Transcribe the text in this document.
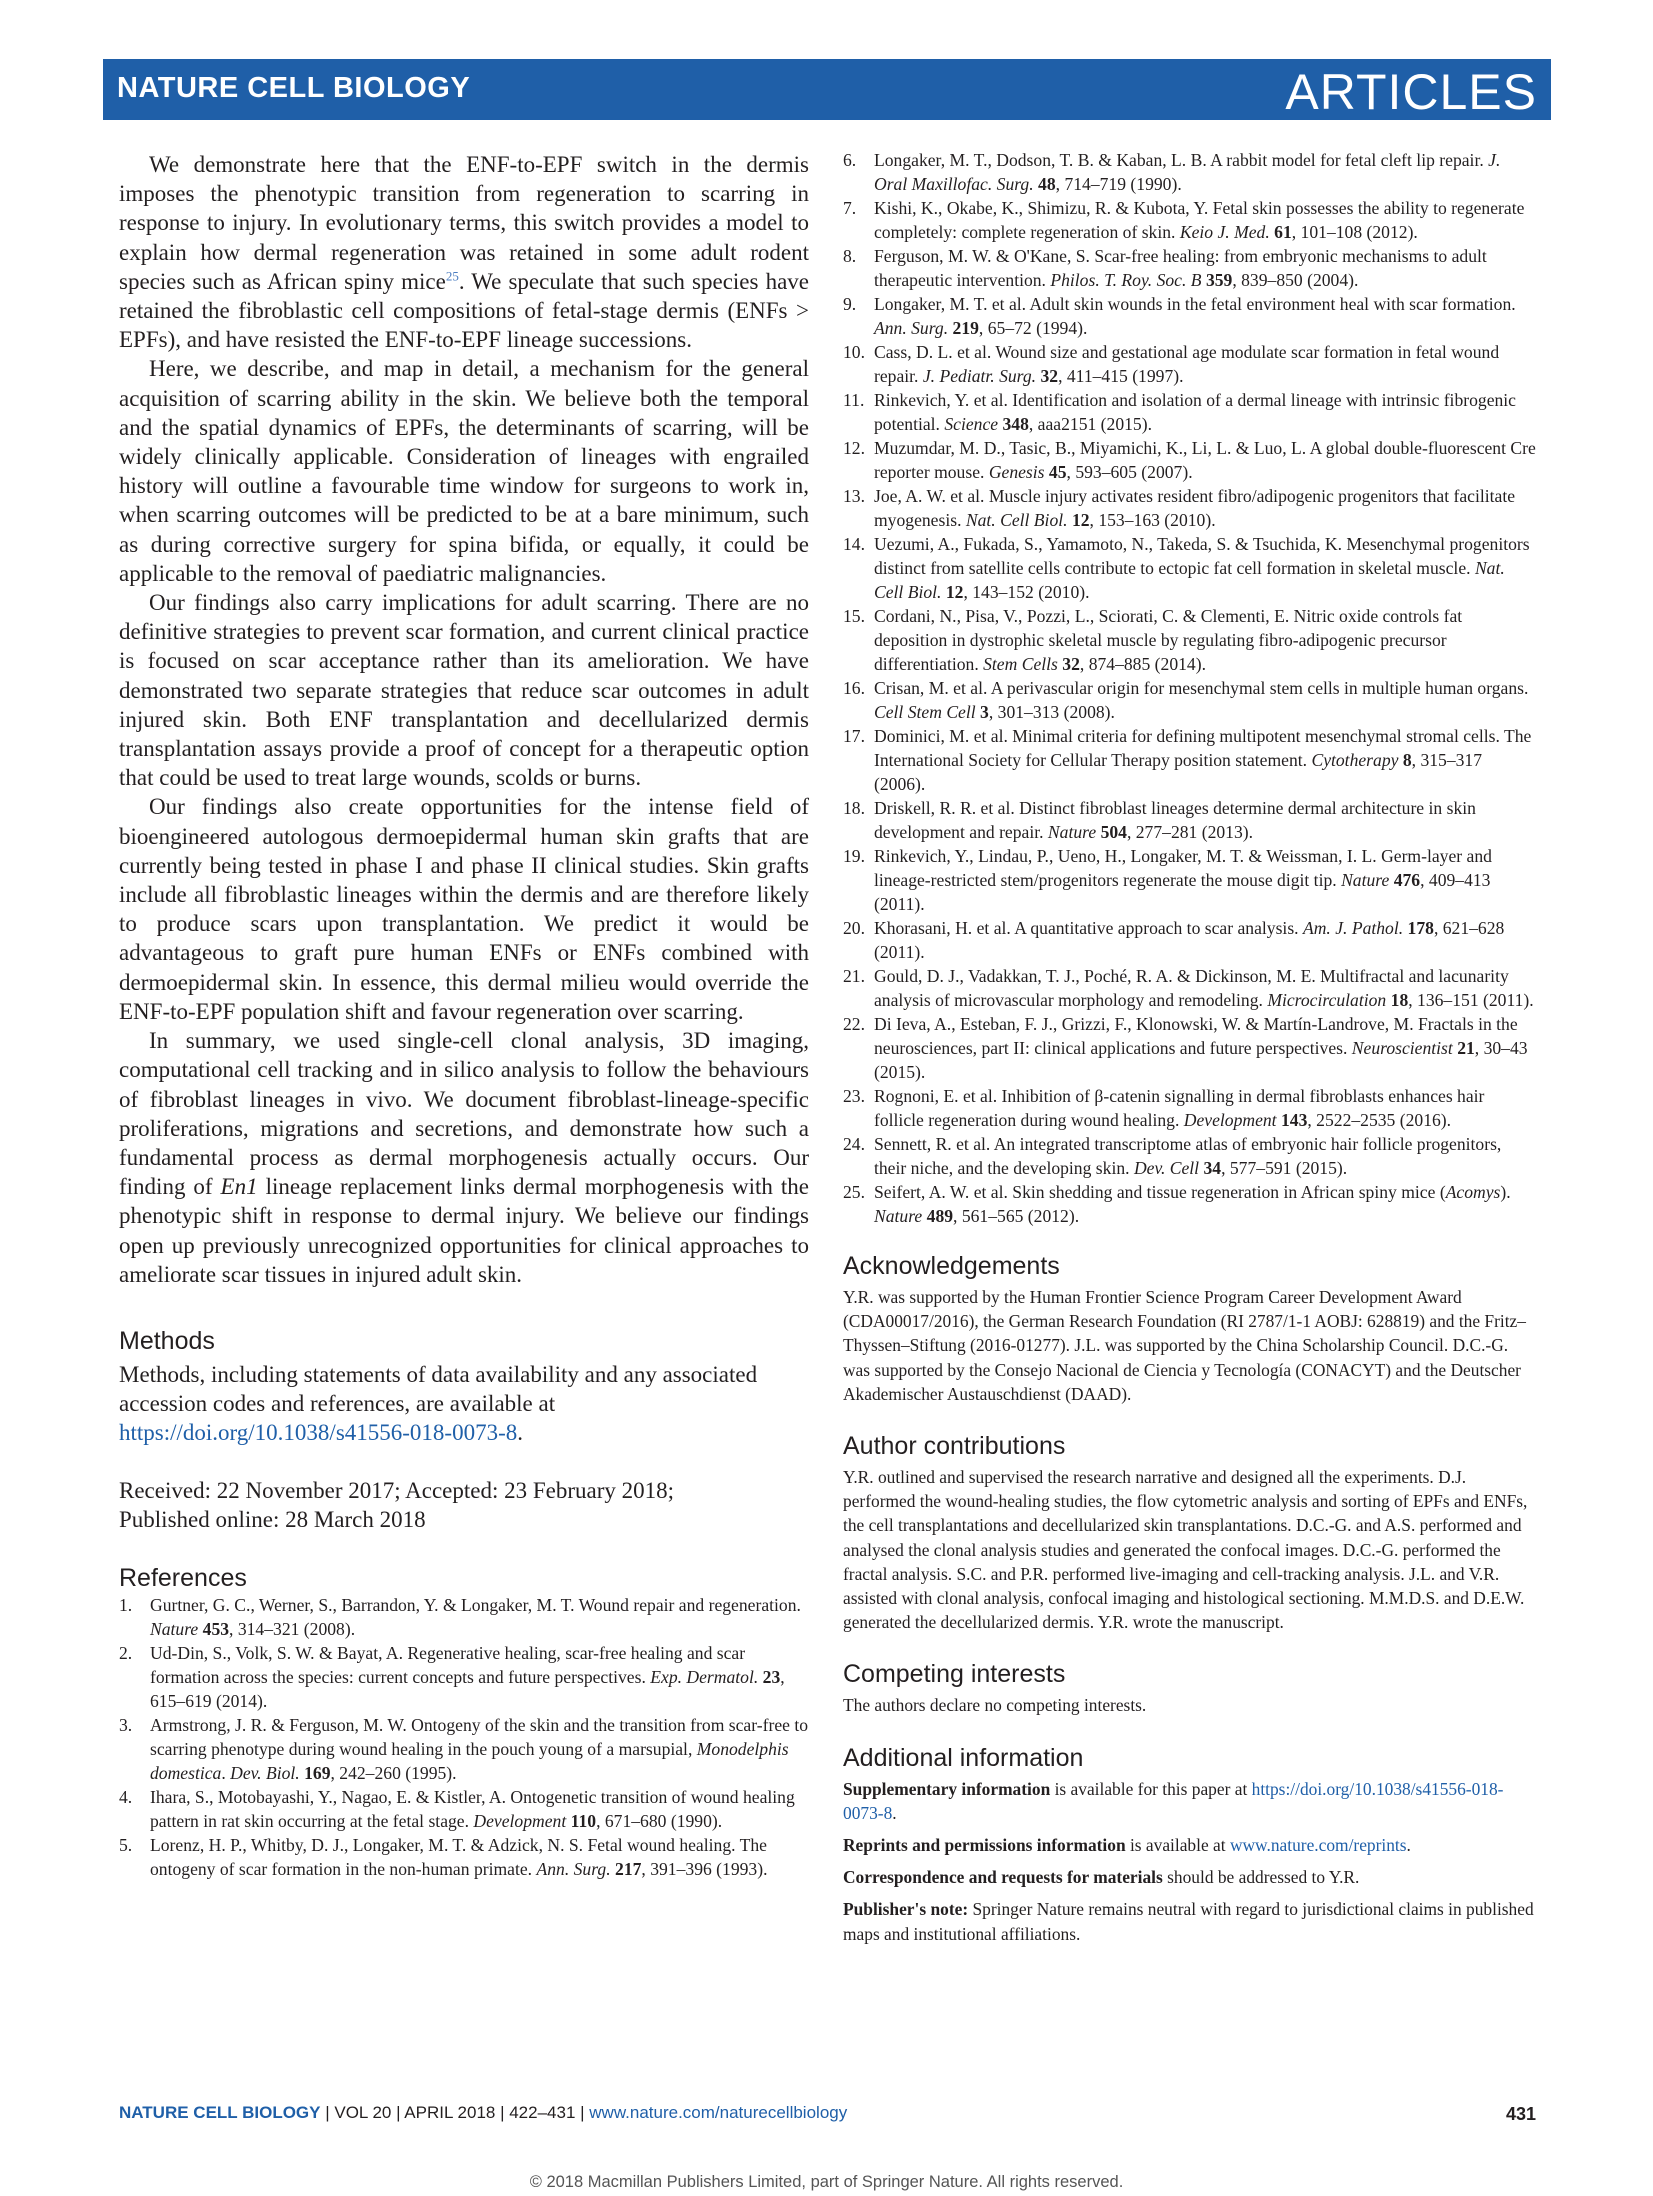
NATURE CELL BIOLOGY	ARTICLES

We demonstrate here that the ENF-to-EPF switch in the dermis imposes the phenotypic transition from regeneration to scarring in response to injury. In evolutionary terms, this switch provides a model to explain how dermal regeneration was retained in some adult rodent species such as African spiny mice$^{25}$. We speculate that such species have retained the fibroblastic cell compositions of fetal-stage dermis (ENFs > EPFs), and have resisted the ENF-to-EPF lineage successions.

Here, we describe, and map in detail, a mechanism for the general acquisition of scarring ability in the skin. We believe both the temporal and the spatial dynamics of EPFs, the determinants of scarring, will be widely clinically applicable. Consideration of lineages with engrailed history will outline a favourable time window for surgeons to work in, when scarring outcomes will be predicted to be at a bare minimum, such as during corrective surgery for spina bifida, or equally, it could be applicable to the removal of paediatric malignancies.

Our findings also carry implications for adult scarring. There are no definitive strategies to prevent scar formation, and current clinical practice is focused on scar acceptance rather than its amelioration. We have demonstrated two separate strategies that reduce scar outcomes in adult injured skin. Both ENF transplantation and decellularized dermis transplantation assays provide a proof of concept for a therapeutic option that could be used to treat large wounds, scolds or burns.

Our findings also create opportunities for the intense field of bioengineered autologous dermoepidermal human skin grafts that are currently being tested in phase I and phase II clinical studies. Skin grafts include all fibroblastic lineages within the dermis and are therefore likely to produce scars upon transplantation. We predict it would be advantageous to graft pure human ENFs or ENFs combined with dermoepidermal skin. In essence, this dermal milieu would override the ENF-to-EPF population shift and favour regeneration over scarring.

In summary, we used single-cell clonal analysis, 3D imaging, computational cell tracking and in silico analysis to follow the behaviours of fibroblast lineages in vivo. We document fibroblast-lineage-specific proliferations, migrations and secretions, and demonstrate how such a fundamental process as dermal morphogenesis actually occurs. Our finding of En1 lineage replacement links dermal morphogenesis with the phenotypic shift in response to dermal injury. We believe our findings open up previously unrecognized opportunities for clinical approaches to ameliorate scar tissues in injured adult skin.

Methods

Methods, including statements of data availability and any associated accession codes and references, are available at https://doi.org/10.1038/s41556-018-0073-8.

Received: 22 November 2017; Accepted: 23 February 2018;
Published online: 28 March 2018

References
1. Gurtner, G. C., Werner, S., Barrandon, Y. & Longaker, M. T. Wound repair and regeneration. Nature 453, 314–321 (2008).
2. Ud-Din, S., Volk, S. W. & Bayat, A. Regenerative healing, scar-free healing and scar formation across the species: current concepts and future perspectives. Exp. Dermatol. 23, 615–619 (2014).
3. Armstrong, J. R. & Ferguson, M. W. Ontogeny of the skin and the transition from scar-free to scarring phenotype during wound healing in the pouch young of a marsupial, Monodelphis domestica. Dev. Biol. 169, 242–260 (1995).
4. Ihara, S., Motobayashi, Y., Nagao, E. & Kistler, A. Ontogenetic transition of wound healing pattern in rat skin occurring at the fetal stage. Development 110, 671–680 (1990).
5. Lorenz, H. P., Whitby, D. J., Longaker, M. T. & Adzick, N. S. Fetal wound healing. The ontogeny of scar formation in the non-human primate. Ann. Surg. 217, 391–396 (1993).
6. Longaker, M. T., Dodson, T. B. & Kaban, L. B. A rabbit model for fetal cleft lip repair. J. Oral Maxillofac. Surg. 48, 714–719 (1990).
7. Kishi, K., Okabe, K., Shimizu, R. & Kubota, Y. Fetal skin possesses the ability to regenerate completely: complete regeneration of skin. Keio J. Med. 61, 101–108 (2012).
8. Ferguson, M. W. & O'Kane, S. Scar-free healing: from embryonic mechanisms to adult therapeutic intervention. Philos. T. Roy. Soc. B 359, 839–850 (2004).
9. Longaker, M. T. et al. Adult skin wounds in the fetal environment heal with scar formation. Ann. Surg. 219, 65–72 (1994).
10. Cass, D. L. et al. Wound size and gestational age modulate scar formation in fetal wound repair. J. Pediatr. Surg. 32, 411–415 (1997).
11. Rinkevich, Y. et al. Identification and isolation of a dermal lineage with intrinsic fibrogenic potential. Science 348, aaa2151 (2015).
12. Muzumdar, M. D., Tasic, B., Miyamichi, K., Li, L. & Luo, L. A global double-fluorescent Cre reporter mouse. Genesis 45, 593–605 (2007).
13. Joe, A. W. et al. Muscle injury activates resident fibro/adipogenic progenitors that facilitate myogenesis. Nat. Cell Biol. 12, 153–163 (2010).
14. Uezumi, A., Fukada, S., Yamamoto, N., Takeda, S. & Tsuchida, K. Mesenchymal progenitors distinct from satellite cells contribute to ectopic fat cell formation in skeletal muscle. Nat. Cell Biol. 12, 143–152 (2010).
15. Cordani, N., Pisa, V., Pozzi, L., Sciorati, C. & Clementi, E. Nitric oxide controls fat deposition in dystrophic skeletal muscle by regulating fibro-adipogenic precursor differentiation. Stem Cells 32, 874–885 (2014).
16. Crisan, M. et al. A perivascular origin for mesenchymal stem cells in multiple human organs. Cell Stem Cell 3, 301–313 (2008).
17. Dominici, M. et al. Minimal criteria for defining multipotent mesenchymal stromal cells. The International Society for Cellular Therapy position statement. Cytotherapy 8, 315–317 (2006).
18. Driskell, R. R. et al. Distinct fibroblast lineages determine dermal architecture in skin development and repair. Nature 504, 277–281 (2013).
19. Rinkevich, Y., Lindau, P., Ueno, H., Longaker, M. T. & Weissman, I. L. Germ-layer and lineage-restricted stem/progenitors regenerate the mouse digit tip. Nature 476, 409–413 (2011).
20. Khorasani, H. et al. A quantitative approach to scar analysis. Am. J. Pathol. 178, 621–628 (2011).
21. Gould, D. J., Vadakkan, T. J., Poché, R. A. & Dickinson, M. E. Multifractal and lacunarity analysis of microvascular morphology and remodeling. Microcirculation 18, 136–151 (2011).
22. Di Ieva, A., Esteban, F. J., Grizzi, F., Klonowski, W. & Martín-Landrove, M. Fractals in the neurosciences, part II: clinical applications and future perspectives. Neuroscientist 21, 30–43 (2015).
23. Rognoni, E. et al. Inhibition of β-catenin signalling in dermal fibroblasts enhances hair follicle regeneration during wound healing. Development 143, 2522–2535 (2016).
24. Sennett, R. et al. An integrated transcriptome atlas of embryonic hair follicle progenitors, their niche, and the developing skin. Dev. Cell 34, 577–591 (2015).
25. Seifert, A. W. et al. Skin shedding and tissue regeneration in African spiny mice (Acomys). Nature 489, 561–565 (2012).
Acknowledgements

Y.R. was supported by the Human Frontier Science Program Career Development Award (CDA00017/2016), the German Research Foundation (RI 2787/1-1 AOBJ: 628819) and the Fritz–Thyssen–Stiftung (2016-01277). J.L. was supported by the China Scholarship Council. D.C.-G. was supported by the Consejo Nacional de Ciencia y Tecnología (CONACYT) and the Deutscher Akademischer Austauschdienst (DAAD).

Author contributions

Y.R. outlined and supervised the research narrative and designed all the experiments. D.J. performed the wound-healing studies, the flow cytometric analysis and sorting of EPFs and ENFs, the cell transplantations and decellularized skin transplantations. D.C.-G. and A.S. performed and analysed the clonal analysis studies and generated the confocal images. D.C.-G. performed the fractal analysis. S.C. and P.R. performed live-imaging and cell-tracking analysis. J.L. and V.R. assisted with clonal analysis, confocal imaging and histological sectioning. M.M.D.S. and D.E.W. generated the decellularized dermis. Y.R. wrote the manuscript.

Competing interests

The authors declare no competing interests.

Additional information

Supplementary information is available for this paper at https://doi.org/10.1038/s41556-018-0073-8.

Reprints and permissions information is available at www.nature.com/reprints.

Correspondence and requests for materials should be addressed to Y.R.

Publisher's note: Springer Nature remains neutral with regard to jurisdictional claims in published maps and institutional affiliations.

NATURE CELL BIOLOGY | VOL 20 | APRIL 2018 | 422–431 | www.nature.com/naturecellbiology	431
© 2018 Macmillan Publishers Limited, part of Springer Nature. All rights reserved.
